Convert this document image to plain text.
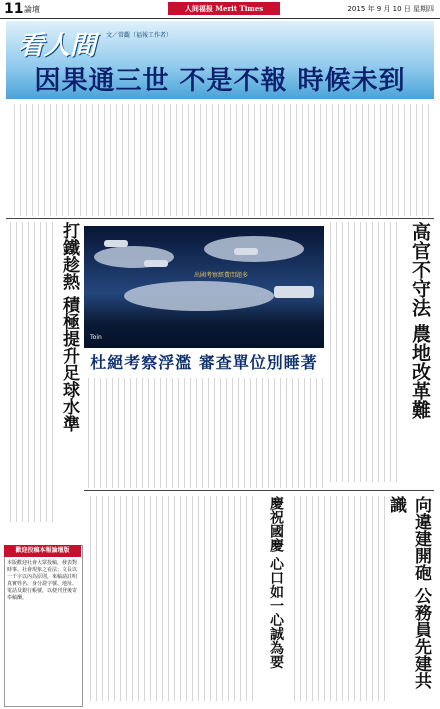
11 論壇	人间福报 Merit Times	2015 年 9 月 10 日 星期四
看人間	文／常觀（福報工作者）
因果通三世 不是不報 時候未到
高官不守法 農地改革難
打鐵趁熱 積極提升足球水準	出國考察經費問題多
Toin
杜絕考察浮濫 審查單位別睡著
慶祝國慶 心口如一心誠為要	向違建開砲 公務員先建共識
歡迎投稿本報論壇版
本版歡迎社會大眾投稿，發表對時事、社會現象之看法；文長以一千字以內為原則，來稿請註明真實姓名、身分證字號、地址、電話及銀行帳號，以便刊登後寄奉稿酬。
